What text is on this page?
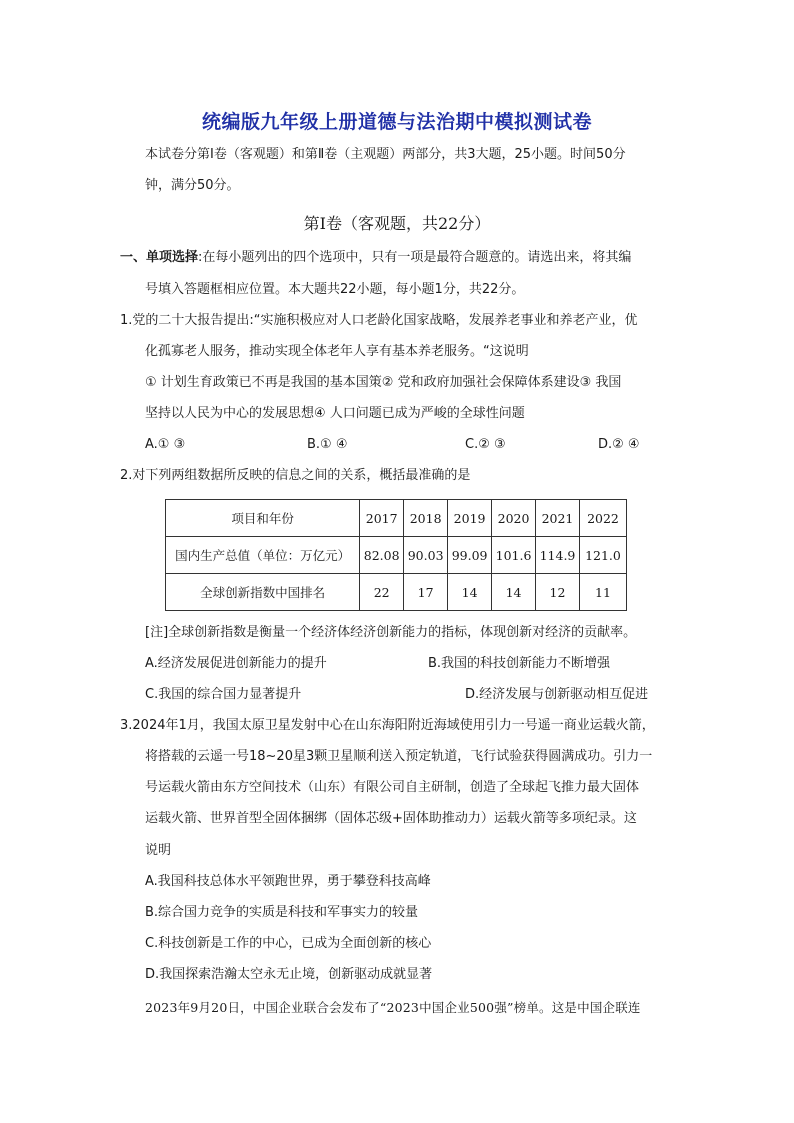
统编版九年级上册道德与法治期中模拟测试卷
本试卷分第Ⅰ卷（客观题）和第Ⅱ卷（主观题）两部分，共3大题，25小题。时间50分
钟，满分50分。
第Ⅰ卷（客观题，共22分）
一、单项选择:在每小题列出的四个选项中，只有一项是最符合题意的。请选出来，将其编
号填入答题框相应位置。本大题共22小题，每小题1分，共22分。
1.党的二十大报告提出:“实施积极应对人口老龄化国家战略，发展养老事业和养老产业，优
化孤寡老人服务，推动实现全体老年人享有基本养老服务。“这说明
① 计划生育政策已不再是我国的基本国策② 党和政府加强社会保障体系建设③ 我国
坚持以人民为中心的发展思想④ 人口问题已成为严峻的全球性问题
A.① ③	B.① ④	C.② ③	D.② ④
2.对下列两组数据所反映的信息之间的关系，概括最准确的是
项目和年份	2017	2018	2019	2020	2021	2022
国内生产总值（单位：万亿元）	82.08	90.03	99.09	101.6	114.9	121.0
全球创新指数中国排名	22	17	14	14	12	11
[注]全球创新指数是衡量一个经济体经济创新能力的指标，体现创新对经济的贡献率。
A.经济发展促进创新能力的提升	B.我国的科技创新能力不断增强
C.我国的综合国力显著提升	D.经济发展与创新驱动相互促进
3.2024年1月，我国太原卫星发射中心在山东海阳附近海域使用引力一号遥一商业运载火箭，
将搭载的云遥一号18~20星3颗卫星顺利送入预定轨道，飞行试验获得圆满成功。引力一
号运载火箭由东方空间技术（山东）有限公司自主研制，创造了全球起飞推力最大固体
运载火箭、世界首型全固体捆绑（固体芯级+固体助推动力）运载火箭等多项纪录。这
说明
A.我国科技总体水平领跑世界，勇于攀登科技高峰
B.综合国力竞争的实质是科技和军事实力的较量
C.科技创新是工作的中心，已成为全面创新的核心
D.我国探索浩瀚太空永无止境，创新驱动成就显著
2023年9月20日，中国企业联合会发布了“2023中国企业500强”榜单。这是中国企联连
